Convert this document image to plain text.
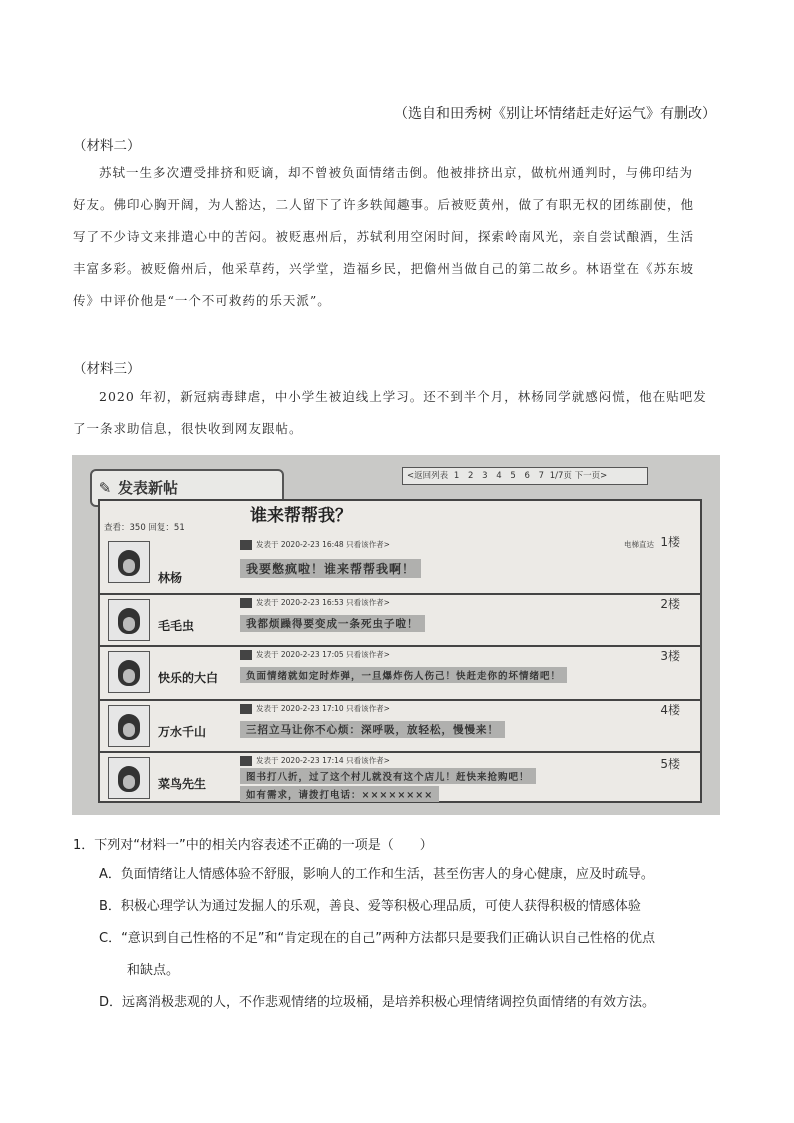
（选自和田秀树《别让坏情绪赶走好运气》有删改）
（材料二）
苏轼一生多次遭受排挤和贬谪，却不曾被负面情绪击倒。他被排挤出京，做杭州通判时，与佛印结为
好友。佛印心胸开阔，为人豁达，二人留下了许多轶闻趣事。后被贬黄州，做了有职无权的团练副使，他
写了不少诗文来排遣心中的苦闷。被贬惠州后，苏轼利用空闲时间，探索岭南风光，亲自尝试酿酒，生活
丰富多彩。被贬儋州后，他采草药，兴学堂，造福乡民，把儋州当做自己的第二故乡。林语堂在《苏东坡
传》中评价他是“一个不可救药的乐天派”。
（材料三）
2020 年初，新冠病毒肆虐，中小学生被迫线上学习。还不到半个月，林杨同学就感闷慌，他在贴吧发
了一条求助信息，很快收到网友跟帖。
✎ 发表新帖
<返回列表 1 2 3 4 5 6 7 1/7页 下一页>
查看：350 回复：51
谁来帮帮我？
林杨
发表于 2020-2-23 16:48 只看该作者>	电梯直达 1楼
我要憋疯啦！谁来帮帮我啊！
毛毛虫
发表于 2020-2-23 16:53 只看该作者>	2楼
我都烦躁得要变成一条死虫子啦！
快乐的大白
发表于 2020-2-23 17:05 只看该作者>	3楼
负面情绪就如定时炸弹，一旦爆炸伤人伤己！快赶走你的坏情绪吧！
万水千山
发表于 2020-2-23 17:10 只看该作者>	4楼
三招立马让你不心烦：深呼吸，放轻松，慢慢来！
菜鸟先生
发表于 2020-2-23 17:14 只看该作者>	5楼
图书打八折，过了这个村儿就没有这个店儿！赶快来抢购吧！
如有需求，请拨打电话：××××××××
1．下列对“材料一”中的相关内容表述不正确的一项是（　　）
A．负面情绪让人情感体验不舒服，影响人的工作和生活，甚至伤害人的身心健康，应及时疏导。
B．积极心理学认为通过发掘人的乐观，善良、爱等积极心理品质，可使人获得积极的情感体验
C．“意识到自己性格的不足”和“肯定现在的自己”两种方法都只是要我们正确认识自己性格的优点
和缺点。
D．远离消极悲观的人，不作悲观情绪的垃圾桶，是培养积极心理情绪调控负面情绪的有效方法。
